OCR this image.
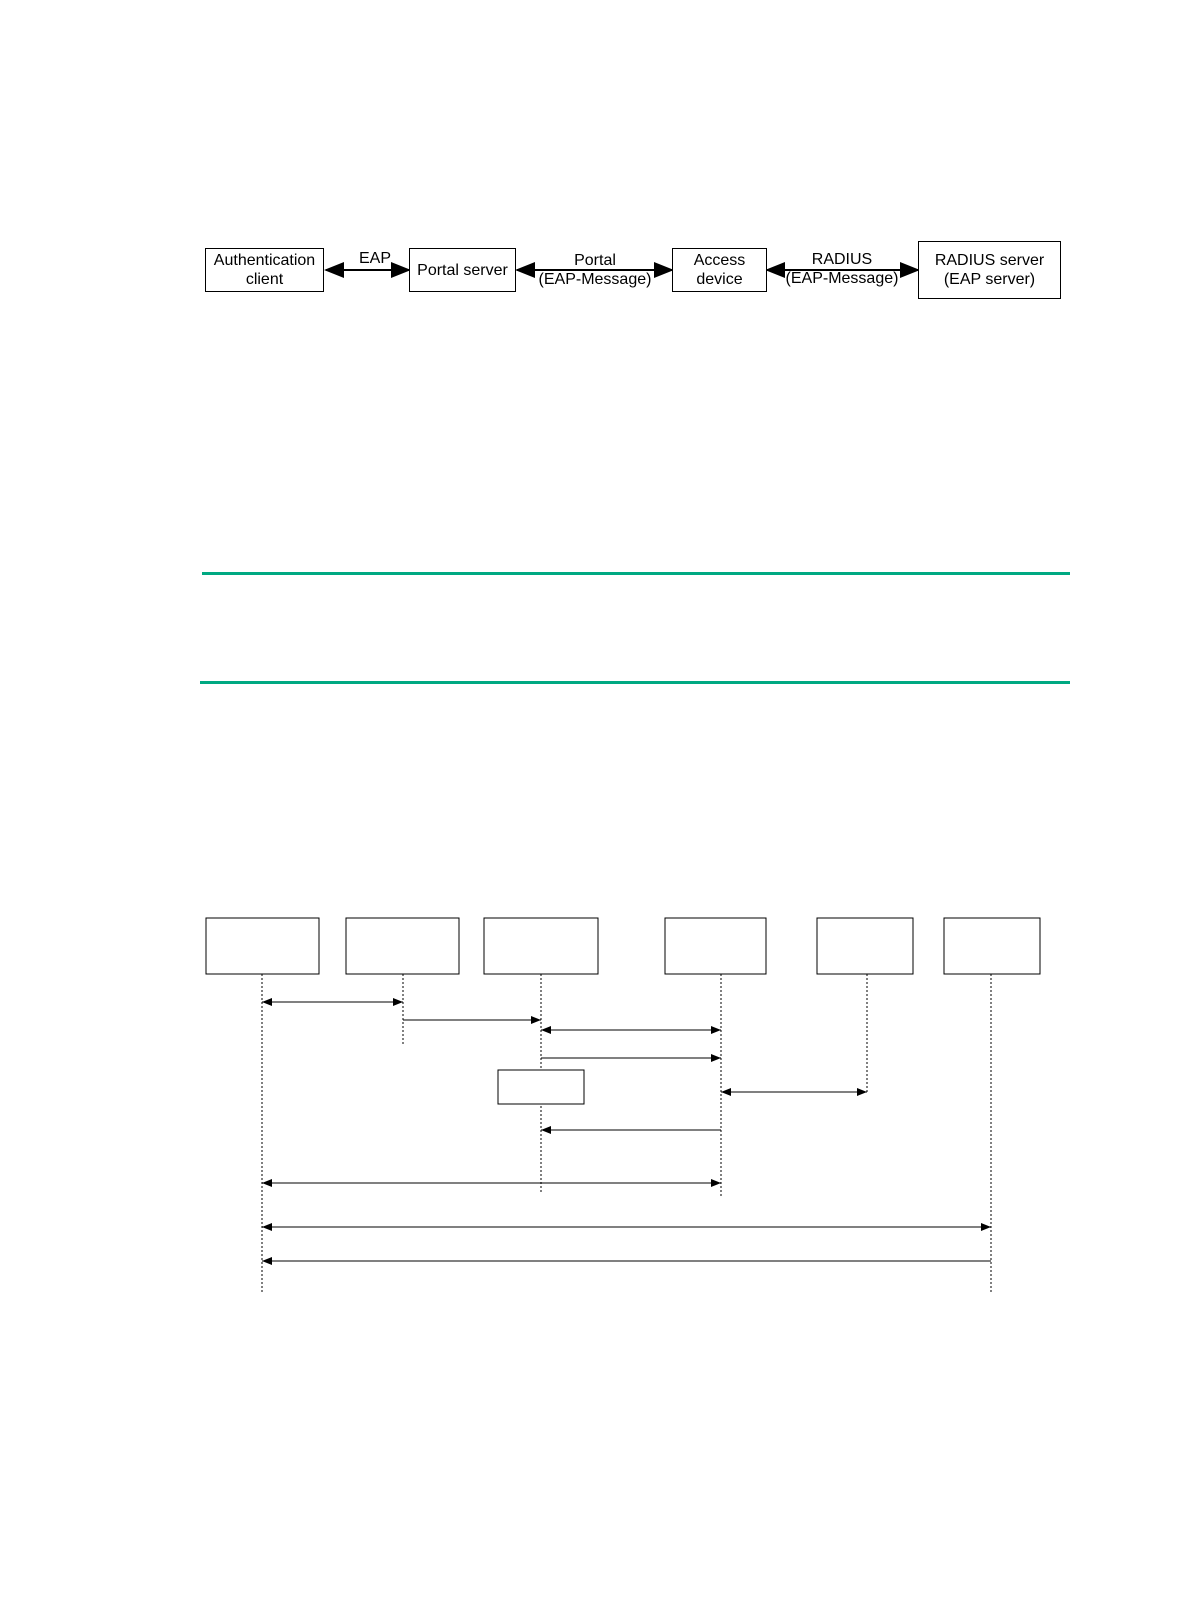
Authentication
client
Portal server
Access
device
RADIUS server
(EAP server)
EAP	Portal
(EAP-Message)
RADIUS
(EAP-Message)
